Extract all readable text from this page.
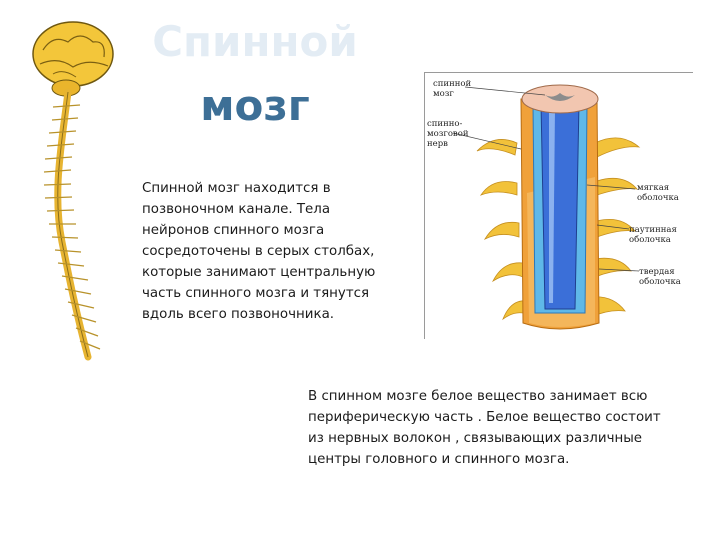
Спинной
мозг

Спинной мозг находится в
позвоночном канале. Тела
нейронов спинного мозга
сосредоточены в серых столбах,
которые занимают центральную
часть спинного мозга и тянутся
вдоль всего позвоночника.

спинной
мозг
спинно-
мозговой
нерв
мягкая
оболочка
паутинная
оболочка
твердая
оболочка

В спинном мозге белое вещество занимает всю
периферическую часть . Белое вещество состоит
из нервных волокон , связывающих различные
центры головного и спинного мозга.
